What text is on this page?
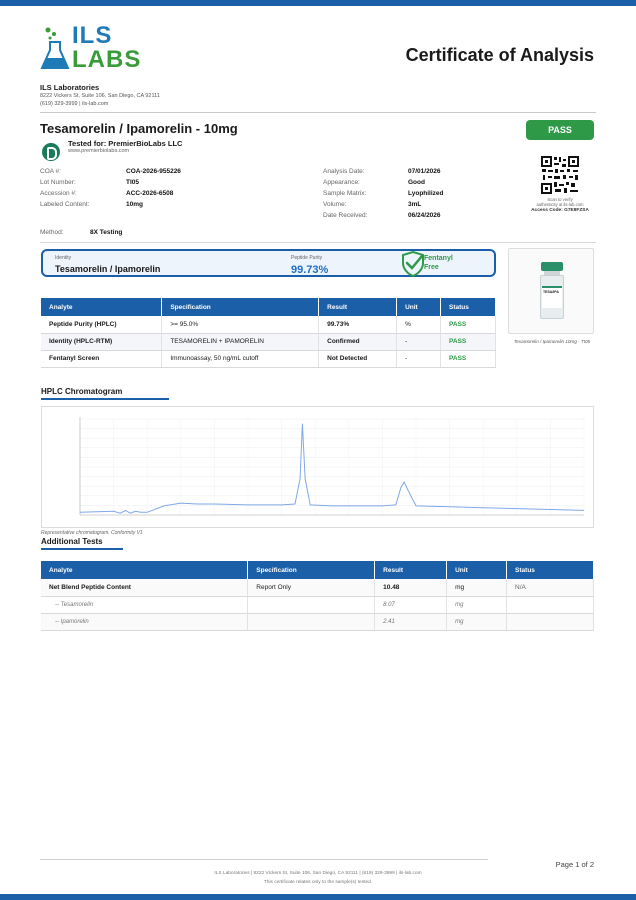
ILS
LABS	Certificate of Analysis
ILS Laboratories
8222 Vickers St, Suite 106, San Diego, CA 92111
(619) 329-3999 | ils-lab.com
Tesamorelin / Ipamorelin - 10mg	PASS
Tested for: PremierBioLabs LLC
www.premierbiolabs.com
COA #:	COA-2026-955226
Lot Number:	TI05
Accession #:	ACC-2026-6508
Labeled Content:	10mg
Analysis Date:	07/01/2026
Appearance:	Good
Sample Matrix:	Lyophilized
Volume:	3mL
Date Received:	06/24/2026
Scan to verify
authenticity at ils-lab.com
Access Code: G7E8FZSA
Method:	8X Testing
Identity
Tesamorelin / Ipamorelin
Peptide Purity
99.73%
Fentanyl
Free
TESA/IPA
Tesamorelin / Ipamorelin 10mg - TI05
Analyte	Specification	Result	Unit	Status
Peptide Purity (HPLC)	>= 95.0%	99.73%	%	PASS
Identity (HPLC-RTM)	TESAMORELIN + IPAMORELIN	Confirmed	-	PASS
Fentanyl Screen	Immunoassay, 50 ng/mL cutoff	Not Detected	-	PASS
HPLC Chromatogram
Representative chromatogram. Conformity V1
Additional Tests
Analyte	Specification	Result	Unit	Status
Net Blend Peptide Content	Report Only	10.48	mg	N/A
-- Tesamorelin		8.07	mg	
-- Ipamorelin		2.41	mg	
Page 1 of 2
ILS Laboratories | 8222 Vickers St, Suite 106, San Diego, CA 92111 | (619) 329-3999 | ils-lab.com
This certificate relates only to the sample(s) tested.
